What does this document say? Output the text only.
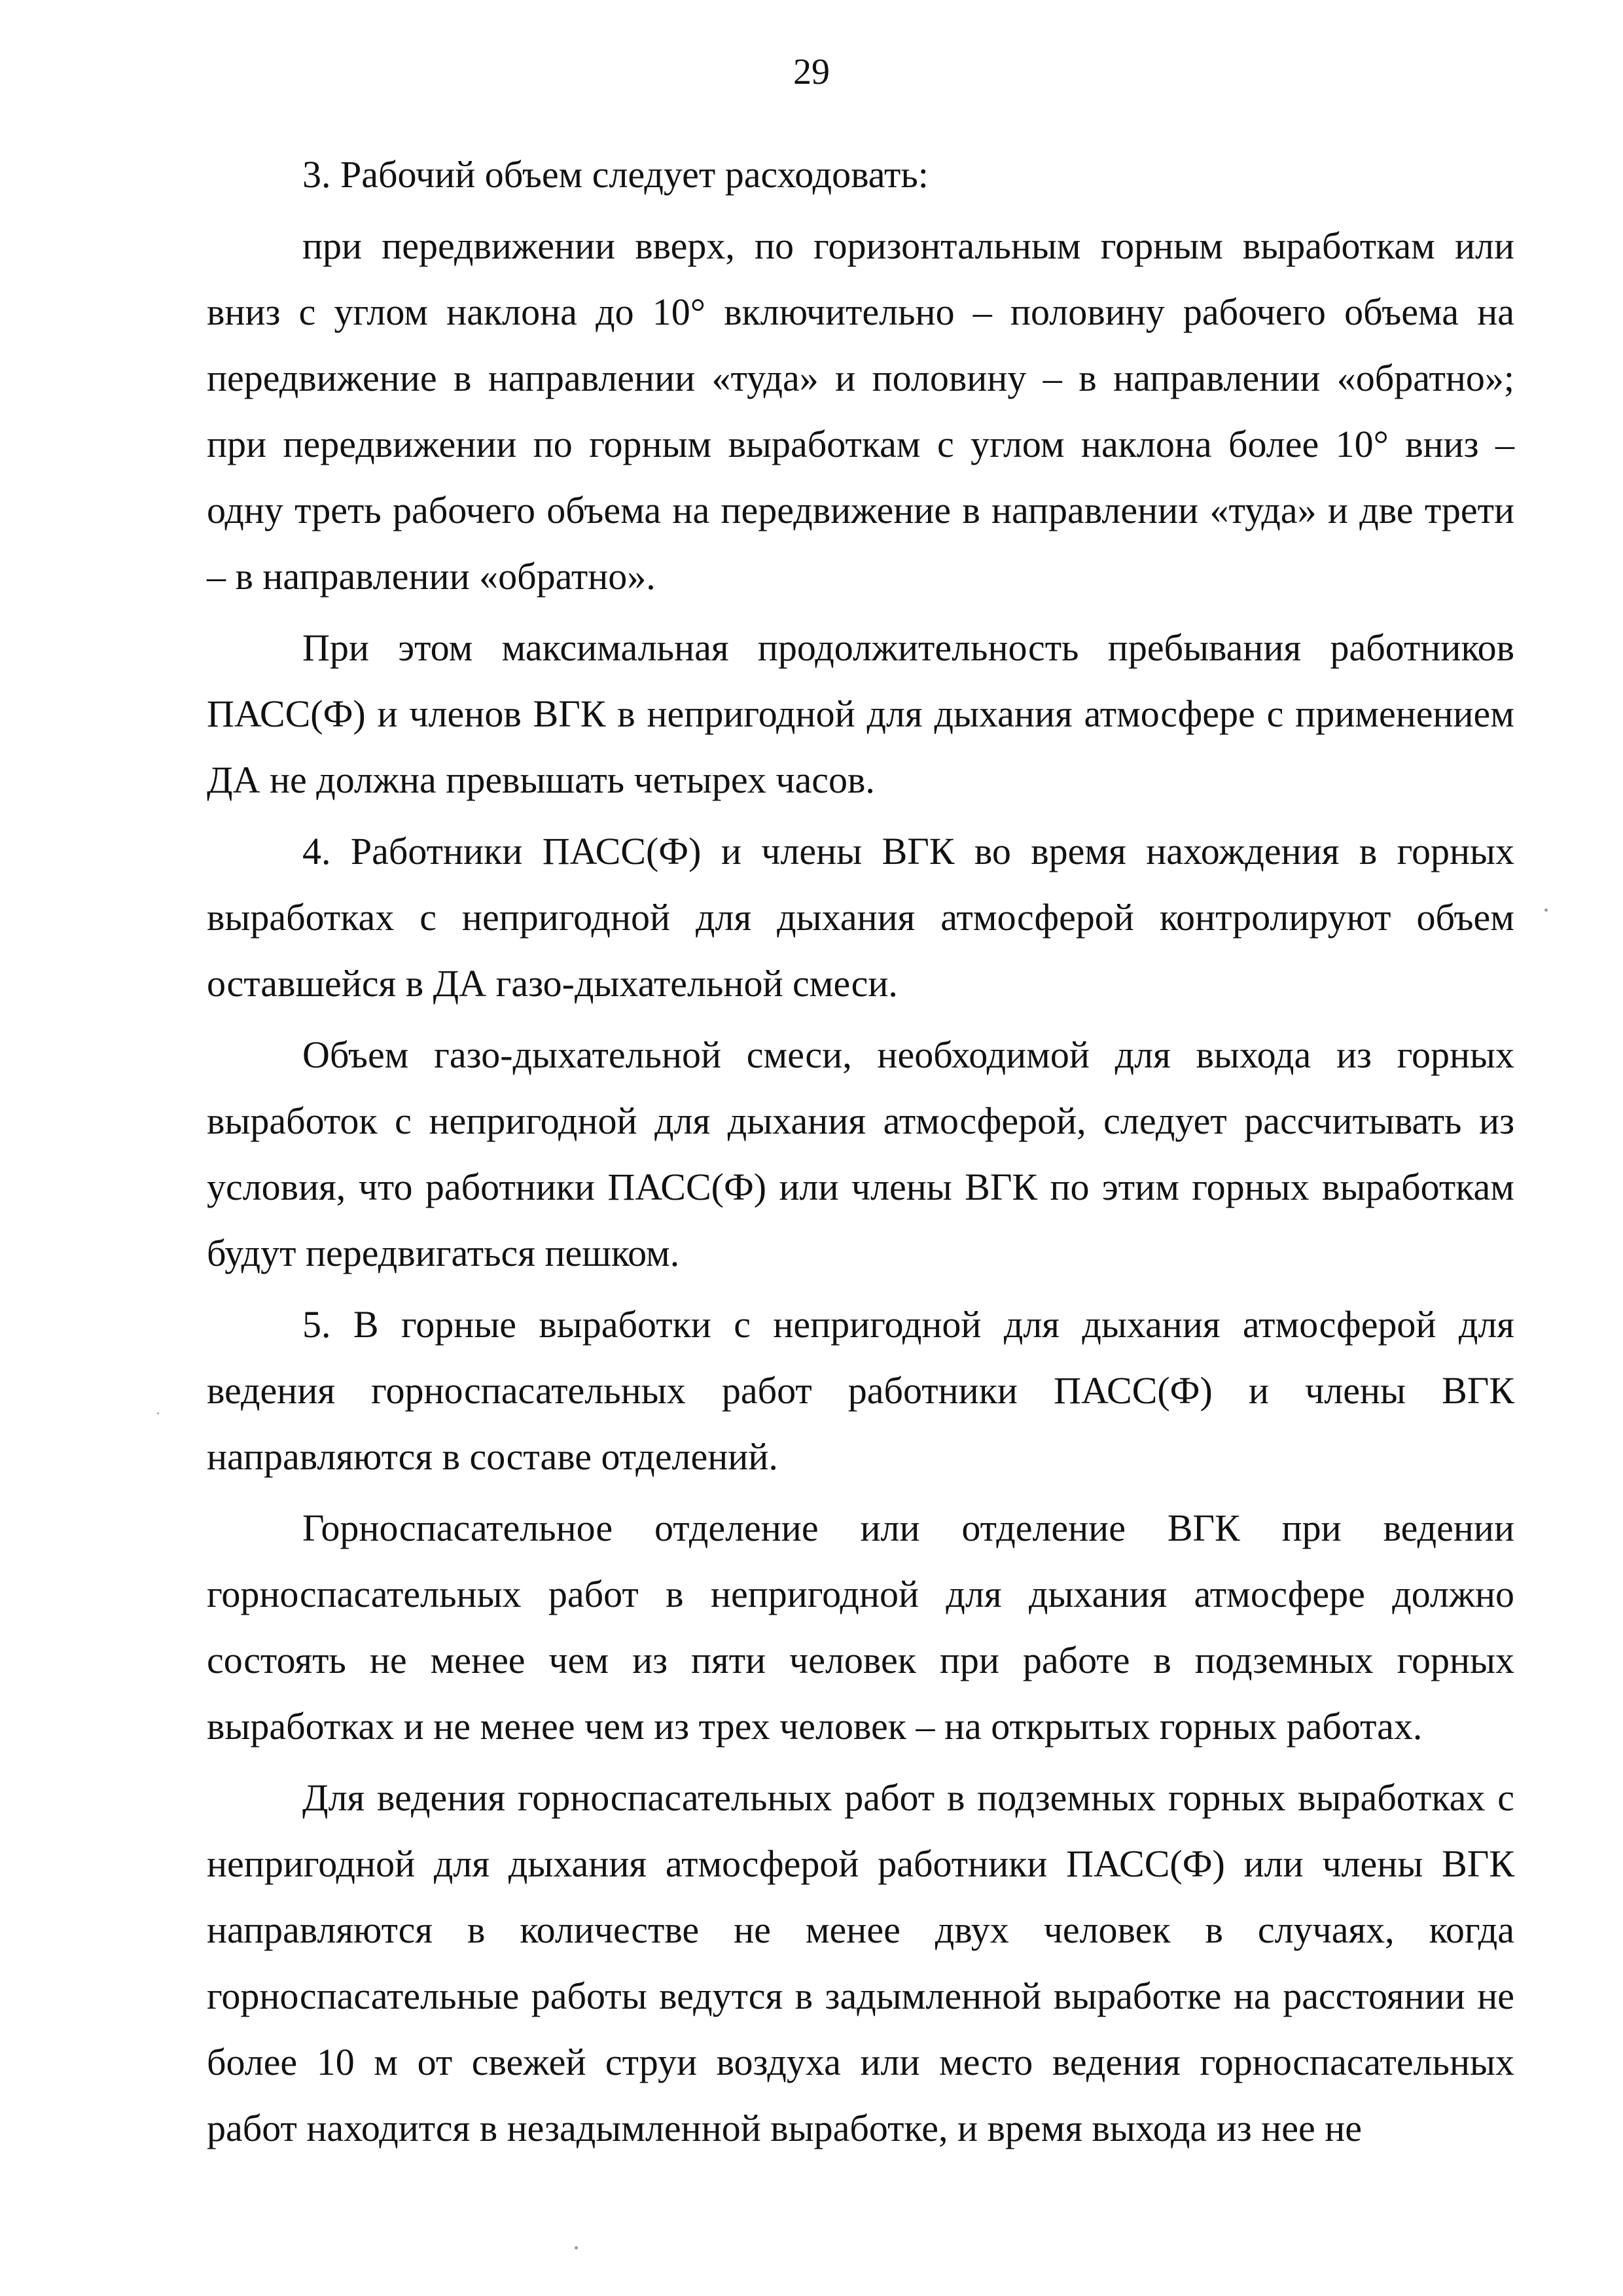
29

3. Рабочий объем следует расходовать:

при передвижении вверх, по горизонтальным горным выработкам или вниз с углом наклона до 10° включительно – половину рабочего объема на передвижение в направлении «туда» и половину – в направлении «обратно»; при передвижении по горным выработкам с углом наклона более 10° вниз – одну треть рабочего объема на передвижение в направлении «туда» и две трети – в направлении «обратно».

При этом максимальная продолжительность пребывания работников ПАСС(Ф) и членов ВГК в непригодной для дыхания атмосфере с применением ДА не должна превышать четырех часов.

4. Работники ПАСС(Ф) и члены ВГК во время нахождения в горных выработках с непригодной для дыхания атмосферой контролируют объем оставшейся в ДА газо-дыхательной смеси.

Объем газо-дыхательной смеси, необходимой для выхода из горных выработок с непригодной для дыхания атмосферой, следует рассчитывать из условия, что работники ПАСС(Ф) или члены ВГК по этим горных выработкам будут передвигаться пешком.

5. В горные выработки с непригодной для дыхания атмосферой для ведения горноспасательных работ работники ПАСС(Ф) и члены ВГК направляются в составе отделений.

Горноспасательное отделение или отделение ВГК при ведении горноспасательных работ в непригодной для дыхания атмосфере должно состоять не менее чем из пяти человек при работе в подземных горных выработках и не менее чем из трех человек – на открытых горных работах.

Для ведения горноспасательных работ в подземных горных выработках с непригодной для дыхания атмосферой работники ПАСС(Ф) или члены ВГК направляются в количестве не менее двух человек в случаях, когда горноспасательные работы ведутся в задымленной выработке на расстоянии не более 10 м от свежей струи воздуха или место ведения горноспасательных работ находится в незадымленной выработке, и время выхода из нее не
